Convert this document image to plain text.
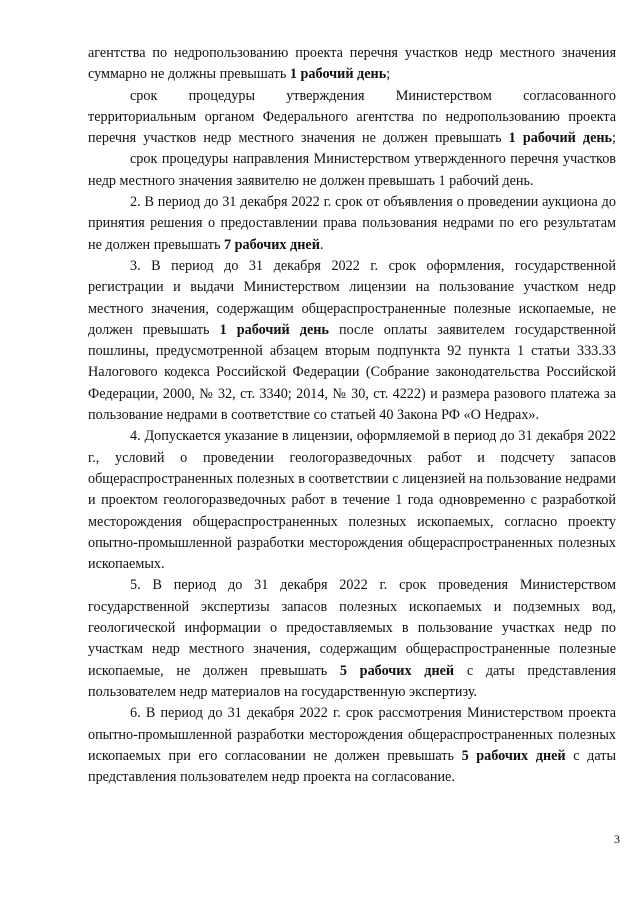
агентства по недропользованию проекта перечня участков недр местного значения суммарно не должны превышать 1 рабочий день;

срок процедуры утверждения Министерством согласованного территориальным органом Федерального агентства по недропользованию проекта перечня участков недр местного значения не должен превышать 1 рабочий день;

срок процедуры направления Министерством утвержденного перечня участков недр местного значения заявителю не должен превышать 1 рабочий день.

2. В период до 31 декабря 2022 г. срок от объявления о проведении аукциона до принятия решения о предоставлении права пользования недрами по его результатам не должен превышать 7 рабочих дней.

3. В период до 31 декабря 2022 г. срок оформления, государственной регистрации и выдачи Министерством лицензии на пользование участком недр местного значения, содержащим общераспространенные полезные ископаемые, не должен превышать 1 рабочий день после оплаты заявителем государственной пошлины, предусмотренной абзацем вторым подпункта 92 пункта 1 статьи 333.33 Налогового кодекса Российской Федерации (Собрание законодательства Российской Федерации, 2000, № 32, ст. 3340; 2014, № 30, ст. 4222) и размера разового платежа за пользование недрами в соответствие со статьей 40 Закона РФ «О Недрах».

4. Допускается указание в лицензии, оформляемой в период до 31 декабря 2022 г., условий о проведении геологоразведочных работ и подсчету запасов общераспространенных полезных в соответствии с лицензией на пользование недрами и проектом геологоразведочных работ в течение 1 года одновременно с разработкой месторождения общераспространенных полезных ископаемых, согласно проекту опытно-промышленной разработки месторождения общераспространенных полезных ископаемых.

5. В период до 31 декабря 2022 г. срок проведения Министерством государственной экспертизы запасов полезных ископаемых и подземных вод, геологической информации о предоставляемых в пользование участках недр по участкам недр местного значения, содержащим общераспространенные полезные ископаемые, не должен превышать 5 рабочих дней с даты представления пользователем недр материалов на государственную экспертизу.

6. В период до 31 декабря 2022 г. срок рассмотрения Министерством проекта опытно-промышленной разработки месторождения общераспространенных полезных ископаемых при его согласовании не должен превышать 5 рабочих дней с даты представления пользователем недр проекта на согласование.

3
